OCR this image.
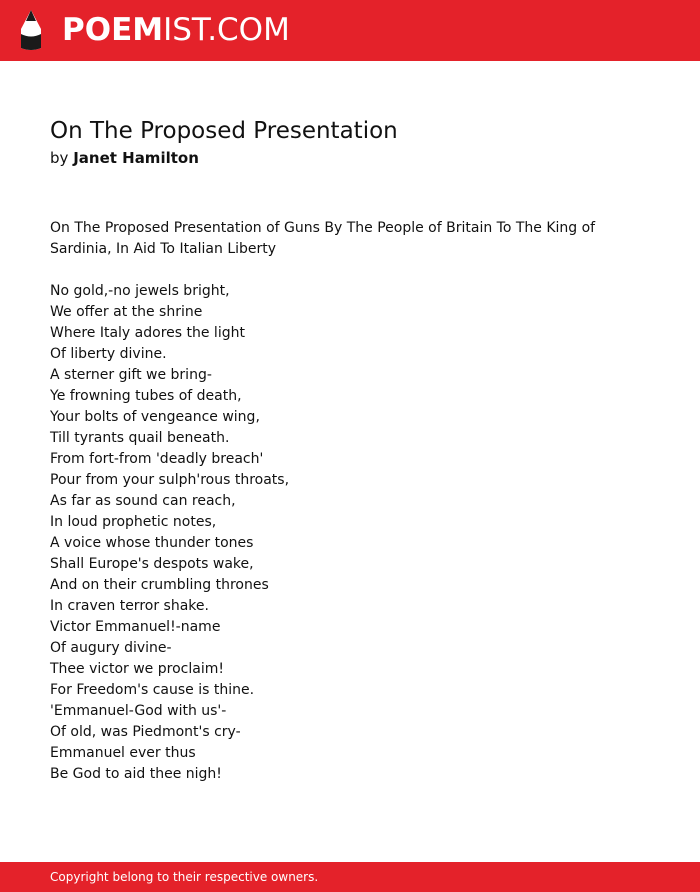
POEMIST.COM
On The Proposed Presentation
by Janet Hamilton
On The Proposed Presentation of Guns By The People of Britain To The King of Sardinia, In Aid To Italian Liberty
No gold,-no jewels bright,
We offer at the shrine
Where Italy adores the light
Of liberty divine.
A sterner gift we bring-
Ye frowning tubes of death,
Your bolts of vengeance wing,
Till tyrants quail beneath.
From fort-from 'deadly breach'
Pour from your sulph'rous throats,
As far as sound can reach,
In loud prophetic notes,
A voice whose thunder tones
Shall Europe's despots wake,
And on their crumbling thrones
In craven terror shake.
Victor Emmanuel!-name
Of augury divine-
Thee victor we proclaim!
For Freedom's cause is thine.
'Emmanuel-God with us'-
Of old, was Piedmont's cry-
Emmanuel ever thus
Be God to aid thee nigh!
Copyright belong to their respective owners.
